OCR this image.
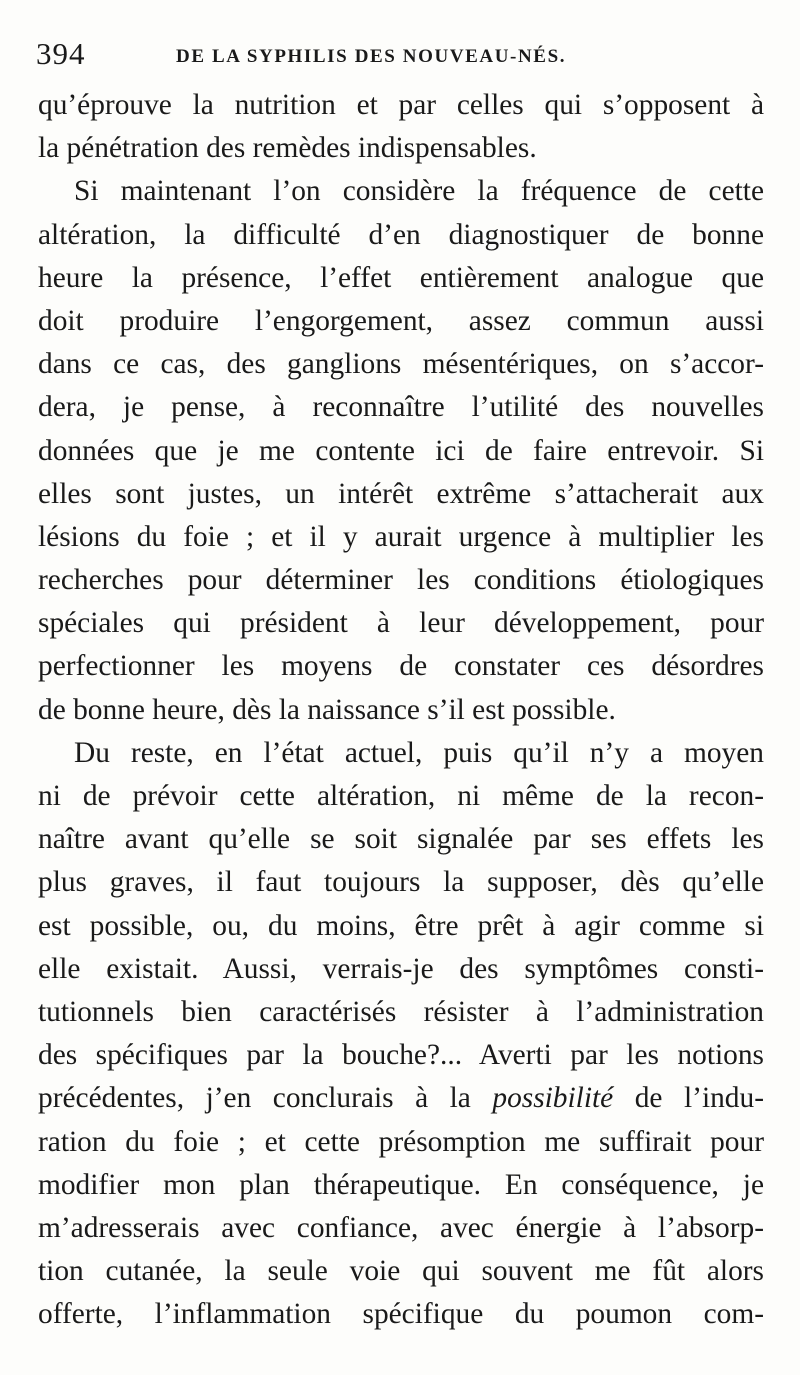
394	DE LA SYPHILIS DES NOUVEAU-NÉS.
qu’éprouve la nutrition et par celles qui s’opposent à
la pénétration des remèdes indispensables.
Si maintenant l’on considère la fréquence de cette
altération, la difficulté d’en diagnostiquer de bonne
heure la présence, l’effet entièrement analogue que
doit produire l’engorgement, assez commun aussi
dans ce cas, des ganglions mésentériques, on s’accor-
dera, je pense, à reconnaître l’utilité des nouvelles
données que je me contente ici de faire entrevoir. Si
elles sont justes, un intérêt extrême s’attacherait aux
lésions du foie ; et il y aurait urgence à multiplier les
recherches pour déterminer les conditions étiologiques
spéciales qui président à leur développement, pour
perfectionner les moyens de constater ces désordres
de bonne heure, dès la naissance s’il est possible.
Du reste, en l’état actuel, puis qu’il n’y a moyen
ni de prévoir cette altération, ni même de la recon-
naître avant qu’elle se soit signalée par ses effets les
plus graves, il faut toujours la supposer, dès qu’elle
est possible, ou, du moins, être prêt à agir comme si
elle existait. Aussi, verrais-je des symptômes consti-
tutionnels bien caractérisés résister à l’administration
des spécifiques par la bouche?... Averti par les notions
précédentes, j’en conclurais à la possibilité de l’indu-
ration du foie ; et cette présomption me suffirait pour
modifier mon plan thérapeutique. En conséquence, je
m’adresserais avec confiance, avec énergie à l’absorp-
tion cutanée, la seule voie qui souvent me fût alors
offerte, l’inflammation spécifique du poumon com-
